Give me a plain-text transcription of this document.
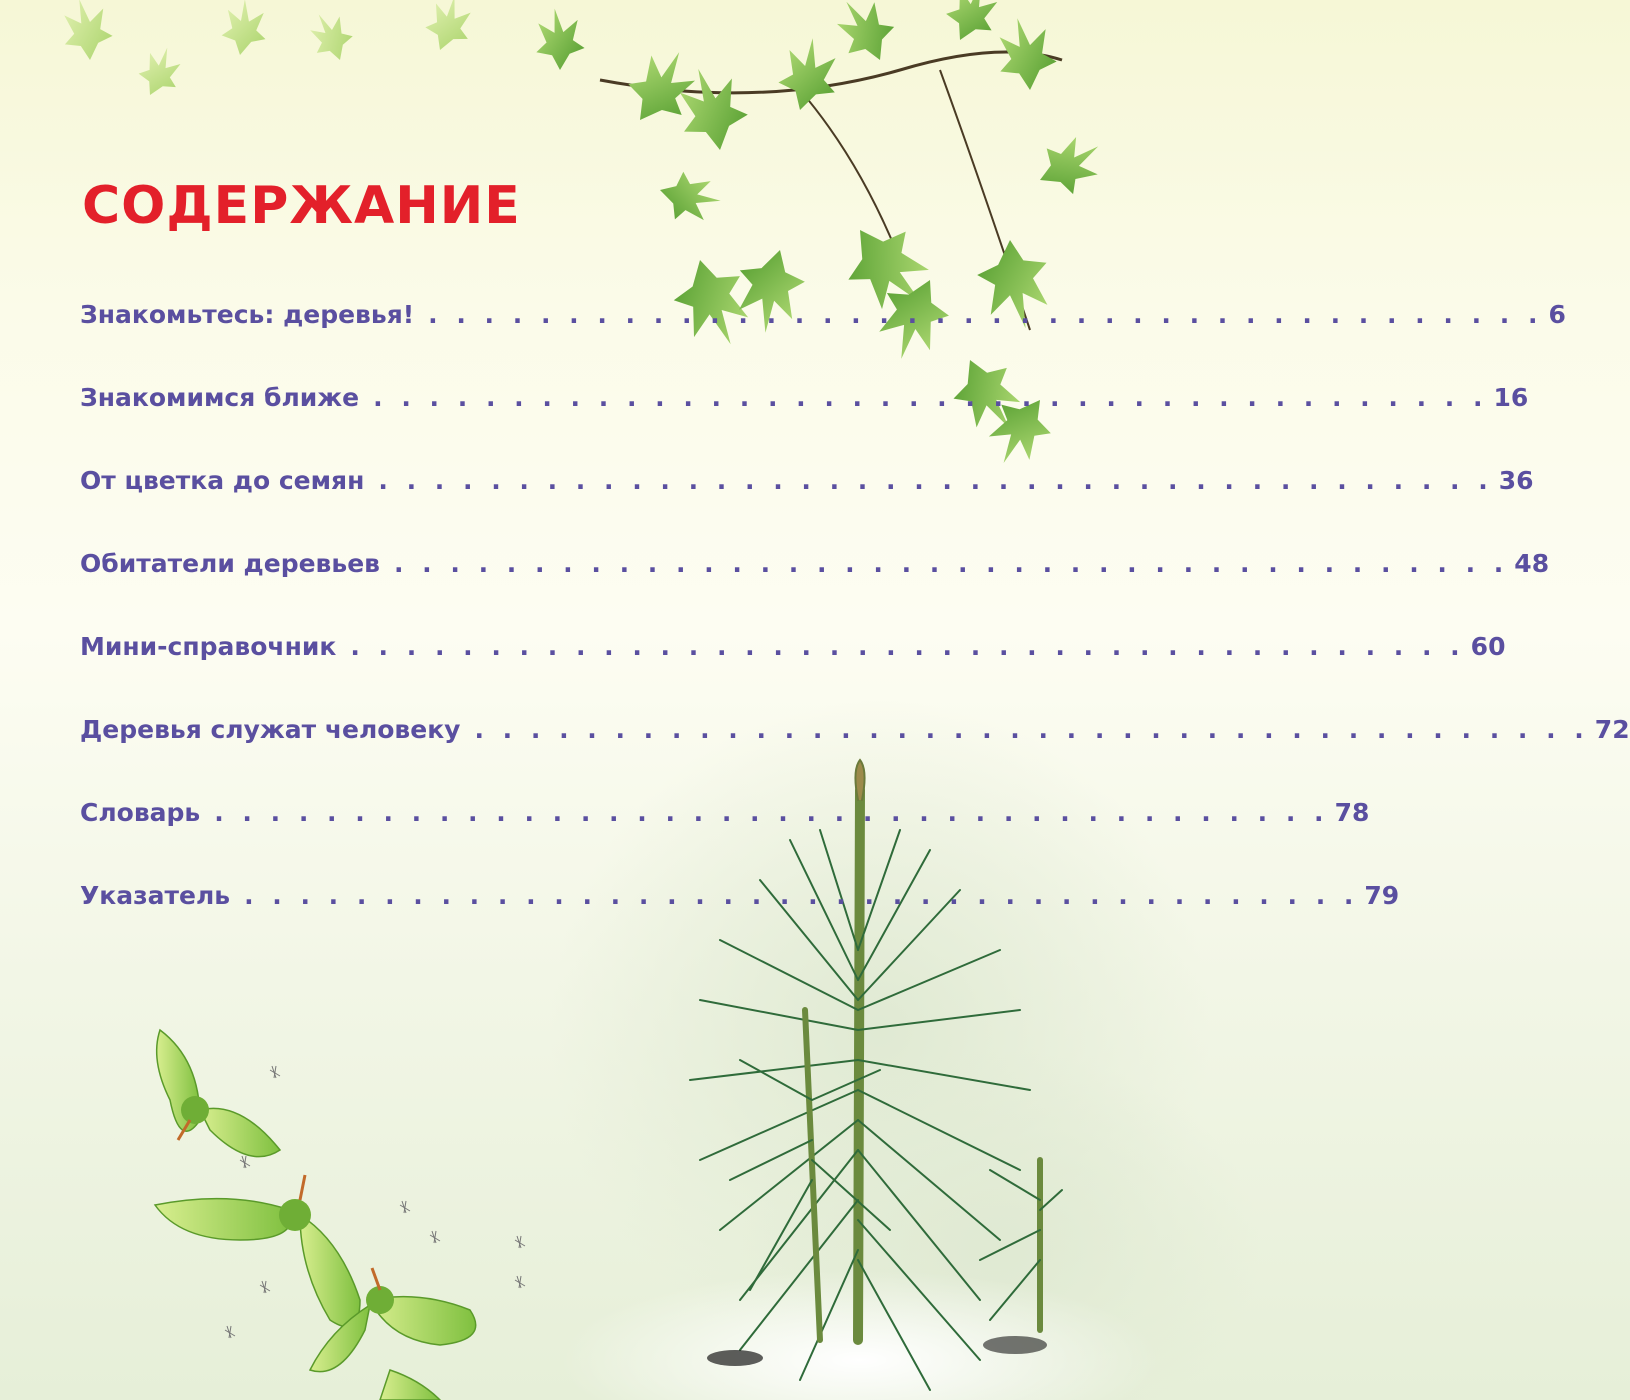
СОДЕРЖАНИЕ
Знакомьтесь: деревья! . . . . . . . . . . . . . . . . . . . . . . . . . . . . . . . . . . . . . . . . 6
Знакомимся ближе . . . . . . . . . . . . . . . . . . . . . . . . . . . . . . . . . . . . . . . . 16
От цветка до семян . . . . . . . . . . . . . . . . . . . . . . . . . . . . . . . . . . . . . . . . 36
Обитатели деревьев . . . . . . . . . . . . . . . . . . . . . . . . . . . . . . . . . . . . . . . . 48
Мини-справочник . . . . . . . . . . . . . . . . . . . . . . . . . . . . . . . . . . . . . . . . 60
Деревья служат человеку . . . . . . . . . . . . . . . . . . . . . . . . . . . . . . . . . . . . . . . . 72
Словарь . . . . . . . . . . . . . . . . . . . . . . . . . . . . . . . . . . . . . . . . 78
Указатель . . . . . . . . . . . . . . . . . . . . . . . . . . . . . . . . . . . . . . . . 79
